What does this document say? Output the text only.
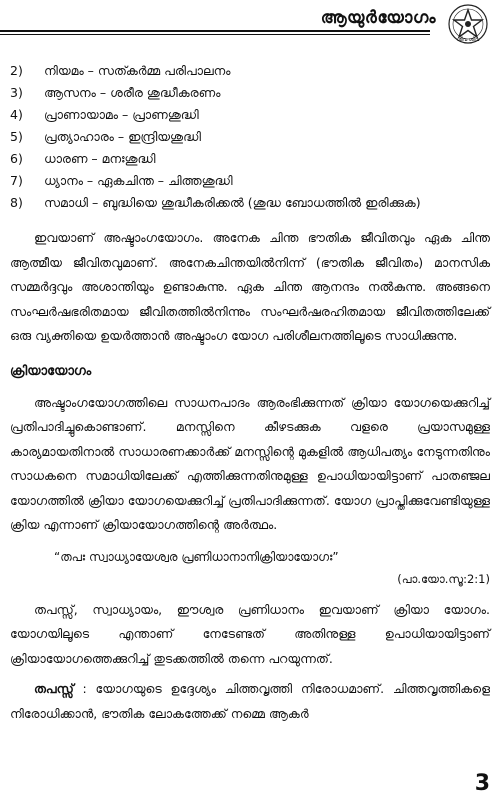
ആയുർയോഗം
ശിവ ശിവ
2)	നിയമം – സത്കർമ്മ പരിപാലനം
3)	ആസനം – ശരീര ശുദ്ധീകരണം
4)	പ്രാണായാമം – പ്രാണശുദ്ധി
5)	പ്രത്യാഹാരം – ഇന്ദ്രിയശുദ്ധി
6)	ധാരണ – മനഃശുദ്ധി
7)	ധ്യാനം – ഏകചിന്ത – ചിത്തശുദ്ധി
8)	സമാധി – ബുദ്ധിയെ ശുദ്ധീകരിക്കൽ (ശുദ്ധ ബോധത്തിൽ ഇരിക്കുക)

ഇവയാണ് അഷ്ടാംഗയോഗം. അനേക ചിന്ത ഭൗതിക ജീവിതവും ഏക ചിന്ത ആത്മീയ ജീവിതവുമാണ്. അനേകചിന്തയിൽനിന്ന് (ഭൗതിക ജീവിതം) മാനസിക സമ്മർദ്ദവും അശാന്തിയും ഉണ്ടാകുന്നു. ഏക ചിന്ത ആനന്ദം നൽകുന്നു. അങ്ങനെ സംഘർഷഭരിതമായ ജീവിതത്തിൽനിന്നും സംഘർഷരഹിതമായ ജീവിതത്തിലേക്ക് ഒരു വ്യക്തിയെ ഉയർത്താൻ അഷ്ടാംഗ യോഗ പരിശീലനത്തിലൂടെ സാധിക്കുന്നു.

ക്രിയായോഗം

അഷ്ടാംഗയോഗത്തിലെ സാധനപാദം ആരംഭിക്കുന്നത് ക്രിയാ യോഗയെക്കുറിച്ച് പ്രതിപാദിച്ചുകൊണ്ടാണ്. മനസ്സിനെ കീഴടക്കുക വളരെ പ്രയാസമുള്ള കാര്യമായതിനാൽ സാധാരണക്കാർക്ക് മനസ്സിന്റെ മുകളിൽ ആധിപത്യം നേടുന്നതിനും സാധകനെ സമാധിയിലേക്ക് എത്തിക്കുന്നതിനുമുള്ള ഉപാധിയായിട്ടാണ് പാതഞ്ജല യോഗത്തിൽ ക്രിയാ യോഗയെക്കുറിച്ച് പ്രതിപാദിക്കുന്നത്. യോഗ പ്രാപ്തിക്കുവേണ്ടിയുള്ള ക്രിയ എന്നാണ് ക്രിയായോഗത്തിന്റെ അർത്ഥം.

“തപഃ സ്വാധ്യായേശ്വര പ്രണിധാനാനിക്രിയായോഗഃ”

(പാ.യോ.സൂ:2:1)

തപസ്സ്, സ്വാധ്യായം, ഈശ്വര പ്രണിധാനം ഇവയാണ് ക്രിയാ യോഗം. യോഗയിലൂടെ എന്താണ് നേടേണ്ടത് അതിനുള്ള ഉപാധിയായിട്ടാണ് ക്രിയായോഗത്തെക്കുറിച്ച് തുടക്കത്തിൽ തന്നെ പറയുന്നത്.

തപസ്സ് : യോഗയുടെ ഉദ്ദേശ്യം ചിത്തവൃത്തി നിരോധമാണ്. ചിത്തവൃത്തികളെ നിരോധിക്കാൻ, ഭൗതിക ലോകത്തേക്ക് നമ്മെ ആകർ

3
